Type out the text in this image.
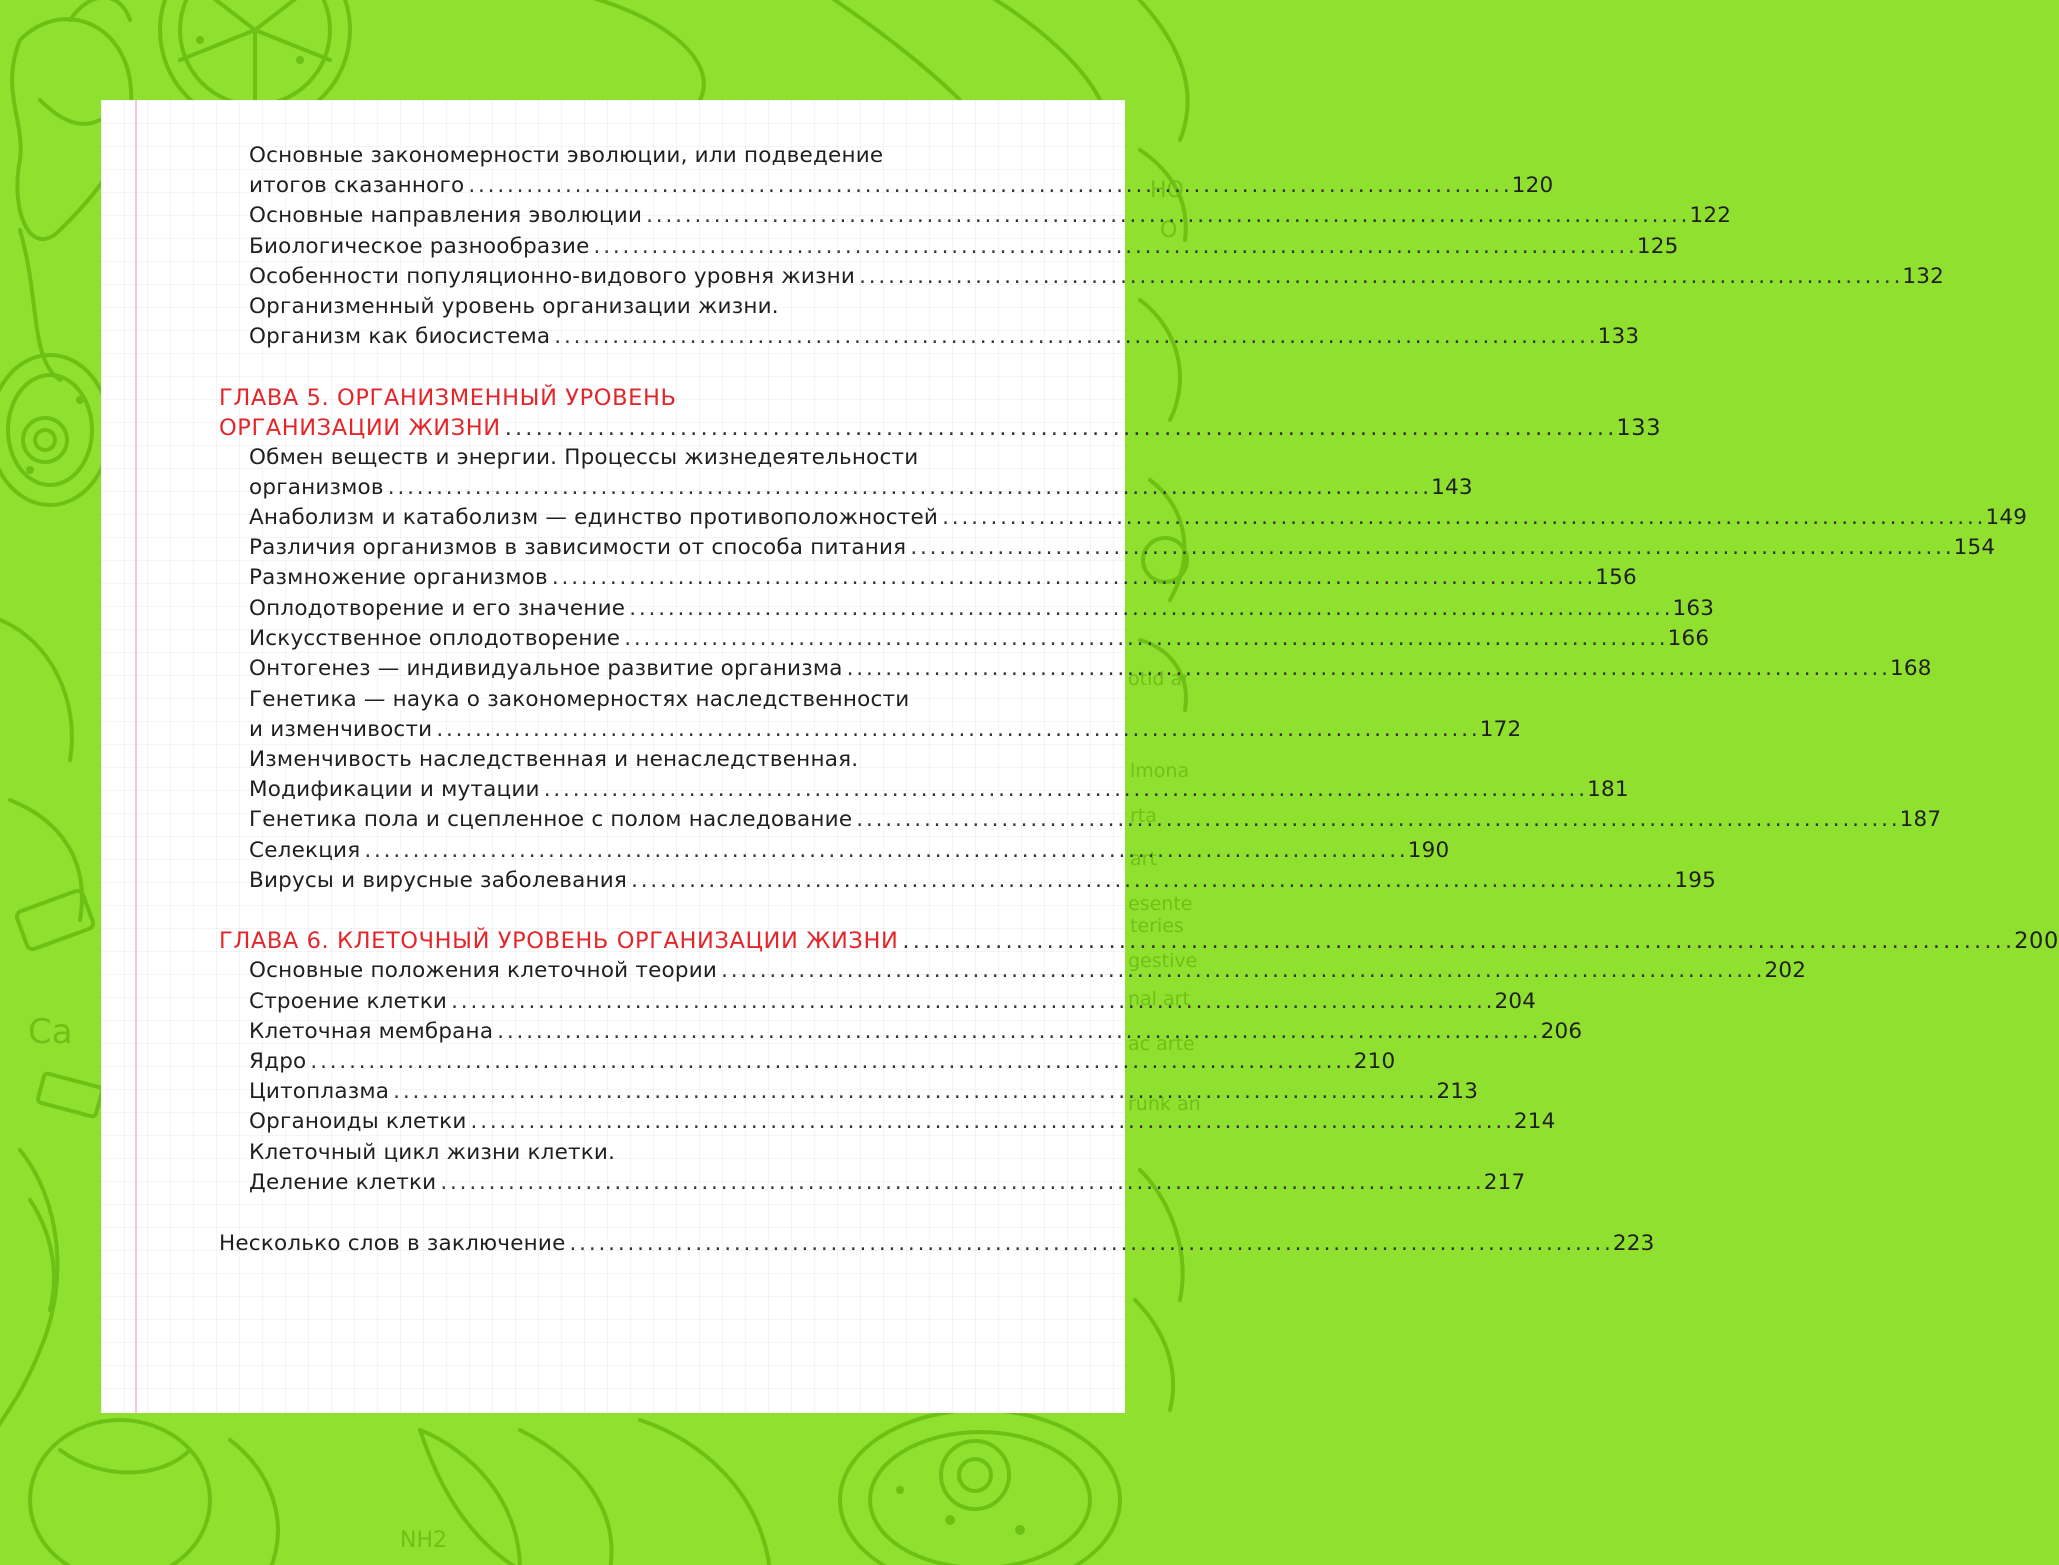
otid ar
lmona
rta
art
esente
teries
gestive
nal art
ac arte
runk an
Ca
NH2
HO
O
Основные закономерности эволюции, или подведение
итогов сказанного . . .	120
Основные направления эволюции . . .	122
Биологическое разнообразие . . .	125
Особенности популяционно-видового уровня жизни . . .	132
Организменный уровень организации жизни.
Организм как биосистема . . .	133
ГЛАВА 5. ОРГАНИЗМЕННЫЙ УРОВЕНЬ
ОРГАНИЗАЦИИ ЖИЗНИ . . .	133
Обмен веществ и энергии. Процессы жизнедеятельности
организмов . . .	143
Анаболизм и катаболизм — единство противоположностей . . .	149
Различия организмов в зависимости от способа питания . . .	154
Размножение организмов . . .	156
Оплодотворение и его значение . . .	163
Искусственное оплодотворение . . .	166
Онтогенез — индивидуальное развитие организма . . .	168
Генетика — наука о закономерностях наследственности
и изменчивости . . .	172
Изменчивость наследственная и ненаследственная.
Модификации и мутации . . .	181
Генетика пола и сцепленное с полом наследование . . .	187
Селекция . . .	190
Вирусы и вирусные заболевания . . .	195
ГЛАВА 6. КЛЕТОЧНЫЙ УРОВЕНЬ ОРГАНИЗАЦИИ ЖИЗНИ . . .	200
Основные положения клеточной теории . . .	202
Строение клетки . . .	204
Клеточная мембрана . . .	206
Ядро . . .	210
Цитоплазма . . .	213
Органоиды клетки . . .	214
Клеточный цикл жизни клетки.
Деление клетки . . .	217
Несколько слов в заключение . . .	223
